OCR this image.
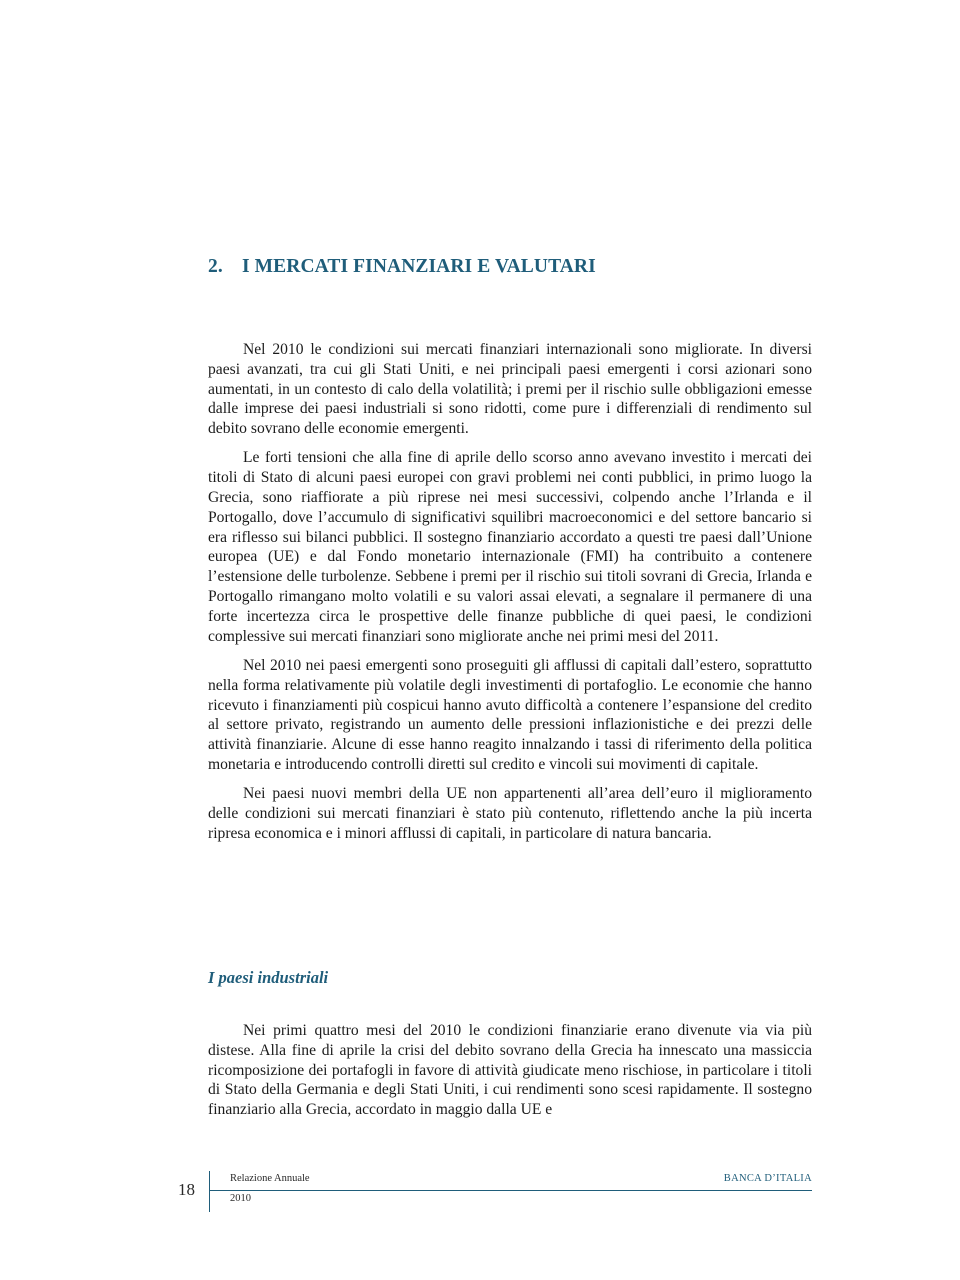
2. I MERCATI FINANZIARI E VALUTARI

Nel 2010 le condizioni sui mercati finanziari internazionali sono migliorate. In diversi paesi avanzati, tra cui gli Stati Uniti, e nei principali paesi emergenti i corsi azionari sono aumentati, in un contesto di calo della volatilità; i premi per il rischio sulle obbligazioni emesse dalle imprese dei paesi industriali si sono ridotti, come pure i differenziali di rendimento sul debito sovrano delle economie emergenti.

Le forti tensioni che alla fine di aprile dello scorso anno avevano investito i mercati dei titoli di Stato di alcuni paesi europei con gravi problemi nei conti pubblici, in primo luogo la Grecia, sono riaffiorate a più riprese nei mesi successivi, colpendo anche l’Irlanda e il Portogallo, dove l’accumulo di significativi squilibri macroeconomici e del settore bancario si era riflesso sui bilanci pubblici. Il sostegno finanziario accordato a questi tre paesi dall’Unione europea (UE) e dal Fondo monetario internazionale (FMI) ha contribuito a contenere l’estensione delle turbolenze. Sebbene i premi per il rischio sui titoli sovrani di Grecia, Irlanda e Portogallo rimangano molto volatili e su valori assai elevati, a segnalare il permanere di una forte incertezza circa le prospettive delle finanze pubbliche di quei paesi, le condizioni complessive sui mercati finanziari sono migliorate anche nei primi mesi del 2011.

Nel 2010 nei paesi emergenti sono proseguiti gli afflussi di capitali dall’estero, soprattutto nella forma relativamente più volatile degli investimenti di portafoglio. Le economie che hanno ricevuto i finanziamenti più cospicui hanno avuto difficoltà a contenere l’espansione del credito al settore privato, registrando un aumento delle pressioni inflazionistiche e dei prezzi delle attività finanziarie. Alcune di esse hanno reagito innalzando i tassi di riferimento della politica monetaria e introducendo controlli diretti sul credito e vincoli sui movimenti di capitale.

Nei paesi nuovi membri della UE non appartenenti all’area dell’euro il miglioramento delle condizioni sui mercati finanziari è stato più contenuto, riflettendo anche la più incerta ripresa economica e i minori afflussi di capitali, in particolare di natura bancaria.

I paesi industriali

Nei primi quattro mesi del 2010 le condizioni finanziarie erano divenute via via più distese. Alla fine di aprile la crisi del debito sovrano della Grecia ha innescato una massiccia ricomposizione dei portafogli in favore di attività giudicate meno rischiose, in particolare i titoli di Stato della Germania e degli Stati Uniti, i cui rendimenti sono scesi rapidamente. Il sostegno finanziario alla Grecia, accordato in maggio dalla UE e

18
Relazione Annuale
2010
BANCA D’ITALIA
